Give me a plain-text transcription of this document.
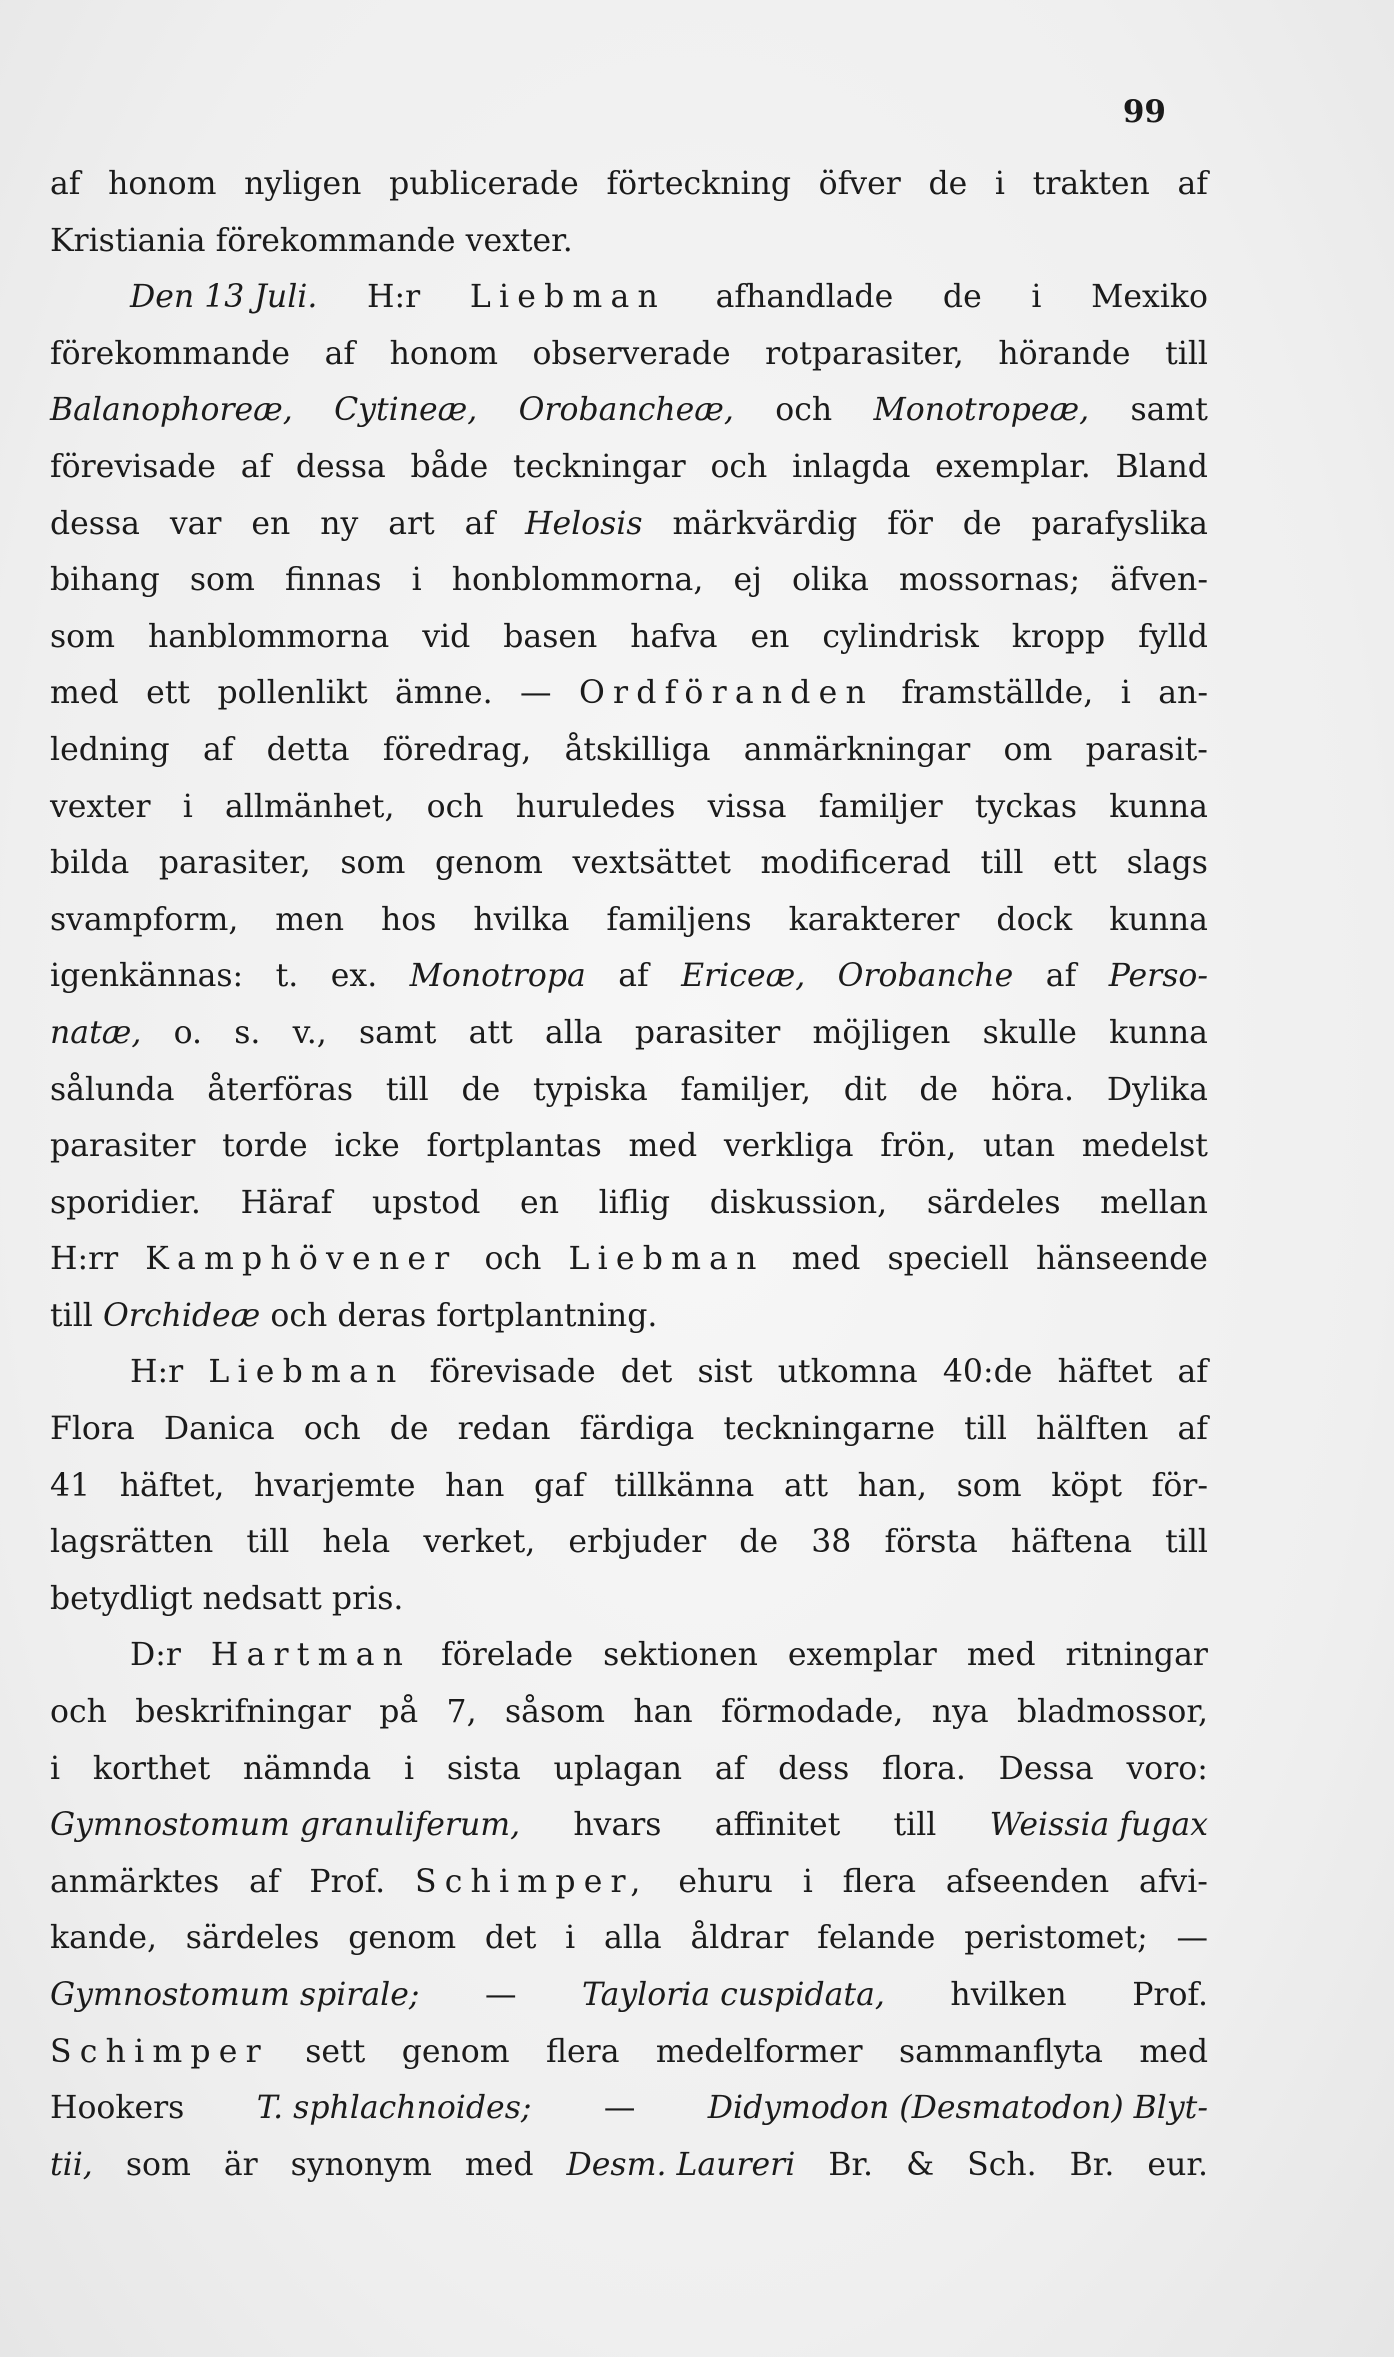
99
af honom nyligen publicerade förteckning öfver de i trakten af
Kristiania förekommande vexter.
Den 13 Juli. H:r Liebman afhandlade de i Mexiko
förekommande af honom observerade rotparasiter, hörande till
Balanophoreæ, Cytineæ, Orobancheæ, och Monotropeæ, samt
förevisade af dessa både teckningar och inlagda exemplar. Bland
dessa var en ny art af Helosis märkvärdig för de parafyslika
bihang som finnas i honblommorna, ej olika mossornas; äfven-
som hanblommorna vid basen hafva en cylindrisk kropp fylld
med ett pollenlikt ämne. — Ordföranden framställde, i an-
ledning af detta föredrag, åtskilliga anmärkningar om parasit-
vexter i allmänhet, och huruledes vissa familjer tyckas kunna
bilda parasiter, som genom vextsättet modificerad till ett slags
svampform, men hos hvilka familjens karakterer dock kunna
igenkännas: t. ex. Monotropa af Ericeæ, Orobanche af Perso-
natæ, o. s. v., samt att alla parasiter möjligen skulle kunna
sålunda återföras till de typiska familjer, dit de höra. Dylika
parasiter torde icke fortplantas med verkliga frön, utan medelst
sporidier. Häraf upstod en liflig diskussion, särdeles mellan
H:rr Kamphövener och Liebman med speciell hänseende
till Orchideæ och deras fortplantning.
H:r Liebman förevisade det sist utkomna 40:de häftet af
Flora Danica och de redan färdiga teckningarne till hälften af
41 häftet, hvarjemte han gaf tillkänna att han, som köpt för-
lagsrätten till hela verket, erbjuder de 38 första häftena till
betydligt nedsatt pris.
D:r Hartman förelade sektionen exemplar med ritningar
och beskrifningar på 7, såsom han förmodade, nya bladmossor,
i korthet nämnda i sista uplagan af dess flora. Dessa voro:
Gymnostomum granuliferum, hvars affinitet till Weissia fugax
anmärktes af Prof. Schimper, ehuru i flera afseenden afvi-
kande, särdeles genom det i alla åldrar felande peristomet; —
Gymnostomum spirale; — Tayloria cuspidata, hvilken Prof.
Schimper sett genom flera medelformer sammanflyta med
Hookers T. sphlachnoides; — Didymodon (Desmatodon) Blyt-
tii, som är synonym med Desm. Laureri Br. & Sch. Br. eur.
